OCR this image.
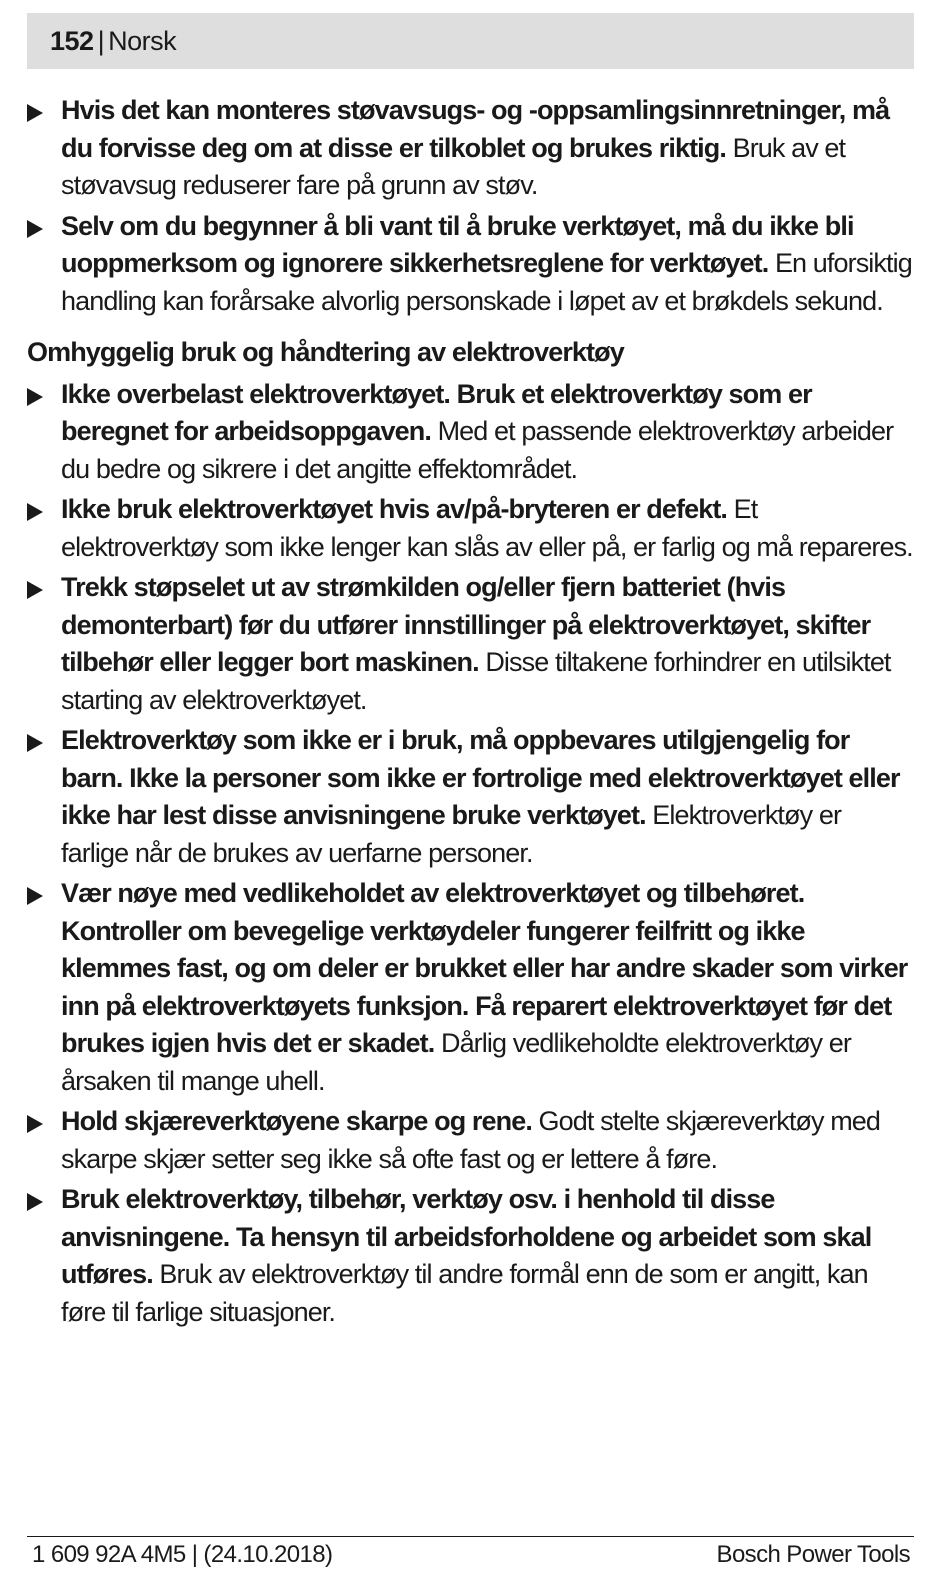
152 | Norsk
Hvis det kan monteres støvavsugs- og -oppsamlingsinnretninger, må du forvisse deg om at disse er tilkoblet og brukes riktig. Bruk av et støvavsug reduserer fare på grunn av støv.
Selv om du begynner å bli vant til å bruke verktøyet, må du ikke bli uoppmerksom og ignorere sikkerhetsreglene for verktøyet. En uforsiktig handling kan forårsake alvorlig personskade i løpet av et brøkdels sekund.
Omhyggelig bruk og håndtering av elektroverktøy
Ikke overbelast elektroverktøyet. Bruk et elektroverktøy som er beregnet for arbeidsoppgaven. Med et passende elektroverktøy arbeider du bedre og sikrere i det angitte effektområdet.
Ikke bruk elektroverktøyet hvis av/på-bryteren er defekt. Et elektroverktøy som ikke lenger kan slås av eller på, er farlig og må repareres.
Trekk støpselet ut av strømkilden og/eller fjern batteriet (hvis demonterbart) før du utfører innstillinger på elektroverktøyet, skifter tilbehør eller legger bort maskinen. Disse tiltakene forhindrer en utilsiktet starting av elektroverktøyet.
Elektroverktøy som ikke er i bruk, må oppbevares utilgjengelig for barn. Ikke la personer som ikke er fortrolige med elektroverktøyet eller ikke har lest disse anvisningene bruke verktøyet. Elektroverktøy er farlige når de brukes av uerfarne personer.
Vær nøye med vedlikeholdet av elektroverktøyet og tilbehøret. Kontroller om bevegelige verktøydeler fungerer feilfritt og ikke klemmes fast, og om deler er brukket eller har andre skader som virker inn på elektroverktøyets funksjon. Få reparert elektroverktøyet før det brukes igjen hvis det er skadet. Dårlig vedlikeholdte elektroverktøy er årsaken til mange uhell.
Hold skjæreverktøyene skarpe og rene. Godt stelte skjæreverktøy med skarpe skjær setter seg ikke så ofte fast og er lettere å føre.
Bruk elektroverktøy, tilbehør, verktøy osv. i henhold til disse anvisningene. Ta hensyn til arbeidsforholdene og arbeidet som skal utføres. Bruk av elektroverktøy til andre formål enn de som er angitt, kan føre til farlige situasjoner.
1 609 92A 4M5 | (24.10.2018)	Bosch Power Tools
